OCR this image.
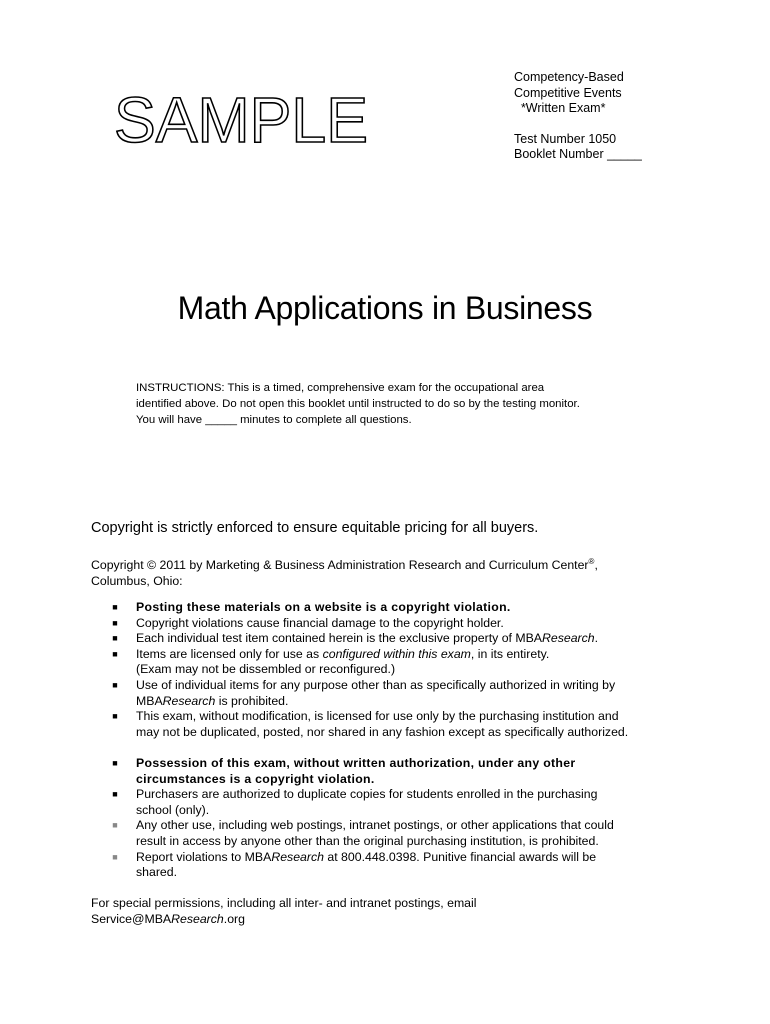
SAMPLE
Competency-Based
Competitive Events
*Written Exam*
Test Number 1050
Booklet Number _____
Math Applications in Business
INSTRUCTIONS: This is a timed, comprehensive exam for the occupational area
identified above. Do not open this booklet until instructed to do so by the testing monitor.
You will have _____ minutes to complete all questions.
Copyright is strictly enforced to ensure equitable pricing for all buyers.
Copyright © 2011 by Marketing & Business Administration Research and Curriculum Center®,
Columbus, Ohio:
■ Posting these materials on a website is a copyright violation.
■ Copyright violations cause financial damage to the copyright holder.
■ Each individual test item contained herein is the exclusive property of MBAResearch.
■ Items are licensed only for use as configured within this exam, in its entirety.
(Exam may not be dissembled or reconfigured.)
■ Use of individual items for any purpose other than as specifically authorized in writing by
MBAResearch is prohibited.
■ This exam, without modification, is licensed for use only by the purchasing institution and
may not be duplicated, posted, nor shared in any fashion except as specifically authorized.
■ Possession of this exam, without written authorization, under any other
circumstances is a copyright violation.
■ Purchasers are authorized to duplicate copies for students enrolled in the purchasing
school (only).
■ Any other use, including web postings, intranet postings, or other applications that could
result in access by anyone other than the original purchasing institution, is prohibited.
■ Report violations to MBAResearch at 800.448.0398. Punitive financial awards will be
shared.
For special permissions, including all inter- and intranet postings, email
Service@MBAResearch.org
